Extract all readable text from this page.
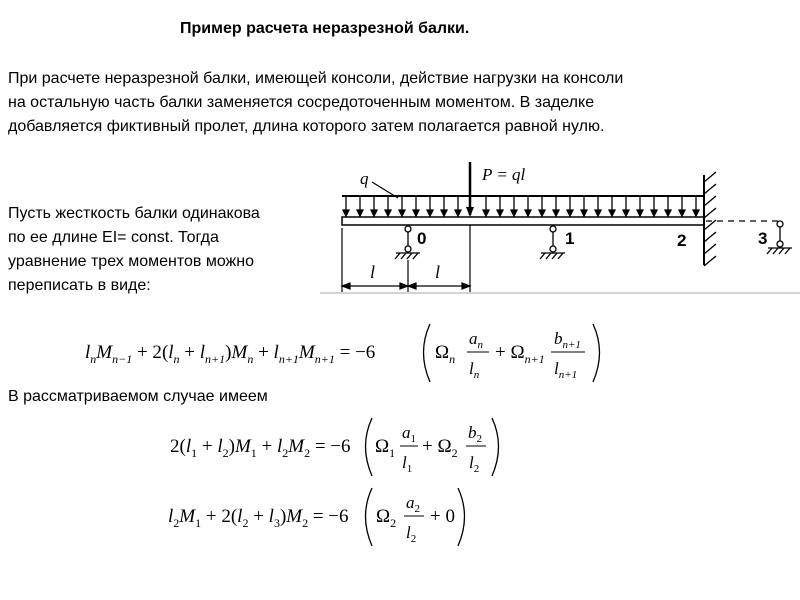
Пример расчета неразрезной балки.
При расчете неразрезной балки, имеющей консоли, действие нагрузки на консоли
на остальную часть балки заменяется сосредоточенным моментом. В заделке
добавляется фиктивный пролет, длина которого затем полагается равной нулю.
Пусть жесткость балки одинакова
по ее длине EI= const. Тогда
уравнение трех моментов можно
переписать в виде:
В рассматриваемом случае имеем
q	P = ql
0	1	2	3
l	l
$l_nM_{n-1} + 2(l_n + l_{n+1})M_n + l_{n+1}M_{n+1} = -6$	$\Omega_n$
$a_n$
$l_n$
+ $\Omega_{n+1}$
$b_{n+1}$
$l_{n+1}$
$2(l_1 + l_2)M_1 + l_2M_2 = -6$ $\Omega_1$
$a_1$
$l_1$
+ $\Omega_2$
$b_2$
$l_2$
$l_2M_1 + 2(l_2 + l_3)M_2 = -6$ $\Omega_2$
$a_2$
$l_2$
+ 0
